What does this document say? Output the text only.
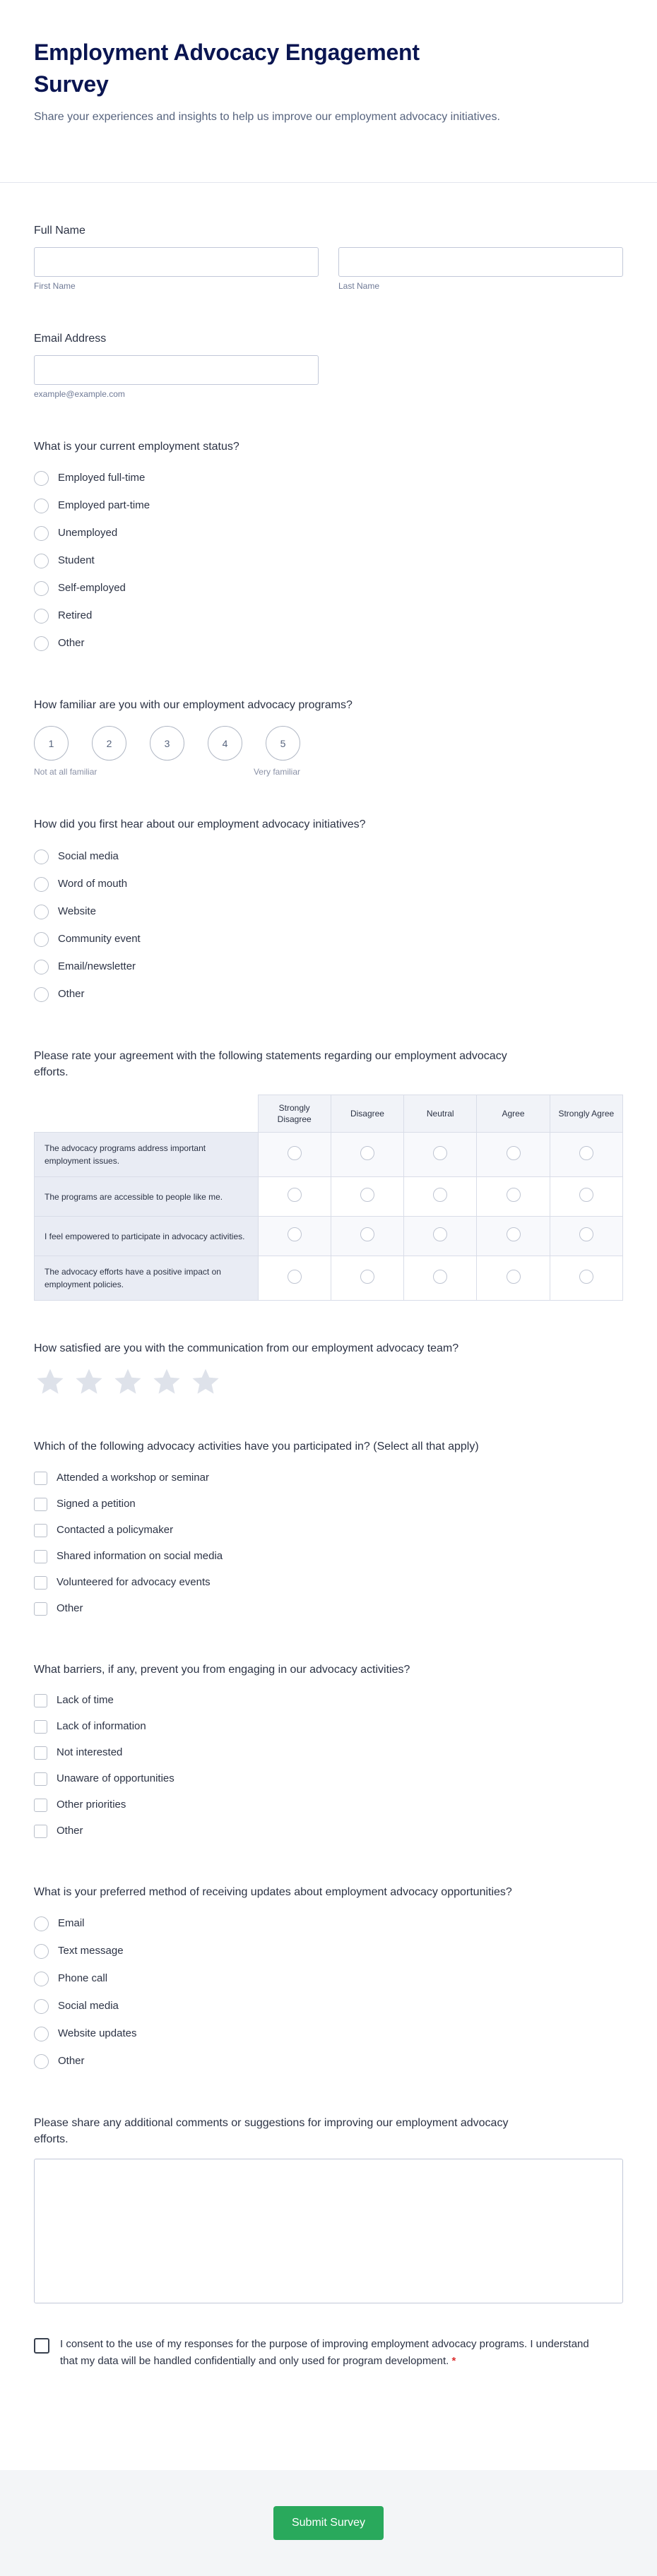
Employment Advocacy Engagement Survey

Share your experiences and insights to help us improve our employment advocacy initiatives.

Full Name
First Name	Last Name
Email Address
example@example.com
What is your current employment status?
Employed full-time
Employed part-time
Unemployed
Student
Self-employed
Retired
Other
How familiar are you with our employment advocacy programs?
1	2	3	4	5
Not at all familiar	Very familiar
How did you first hear about our employment advocacy initiatives?
Social media
Word of mouth
Website
Community event
Email/newsletter
Other
Please rate your agreement with the following statements regarding our employment advocacy efforts.
	Strongly Disagree	Disagree	Neutral	Agree	Strongly Agree
The advocacy programs address important employment issues.					
The programs are accessible to people like me.					
I feel empowered to participate in advocacy activities.					
The advocacy efforts have a positive impact on employment policies.					
How satisfied are you with the communication from our employment advocacy team?
Which of the following advocacy activities have you participated in? (Select all that apply)
Attended a workshop or seminar
Signed a petition
Contacted a policymaker
Shared information on social media
Volunteered for advocacy events
Other
What barriers, if any, prevent you from engaging in our advocacy activities?
Lack of time
Lack of information
Not interested
Unaware of opportunities
Other priorities
Other
What is your preferred method of receiving updates about employment advocacy opportunities?
Email
Text message
Phone call
Social media
Website updates
Other
Please share any additional comments or suggestions for improving our employment advocacy efforts.

I consent to the use of my responses for the purpose of improving employment advocacy programs. I understand that my data will be handled confidentially and only used for program development. *

Submit Survey
